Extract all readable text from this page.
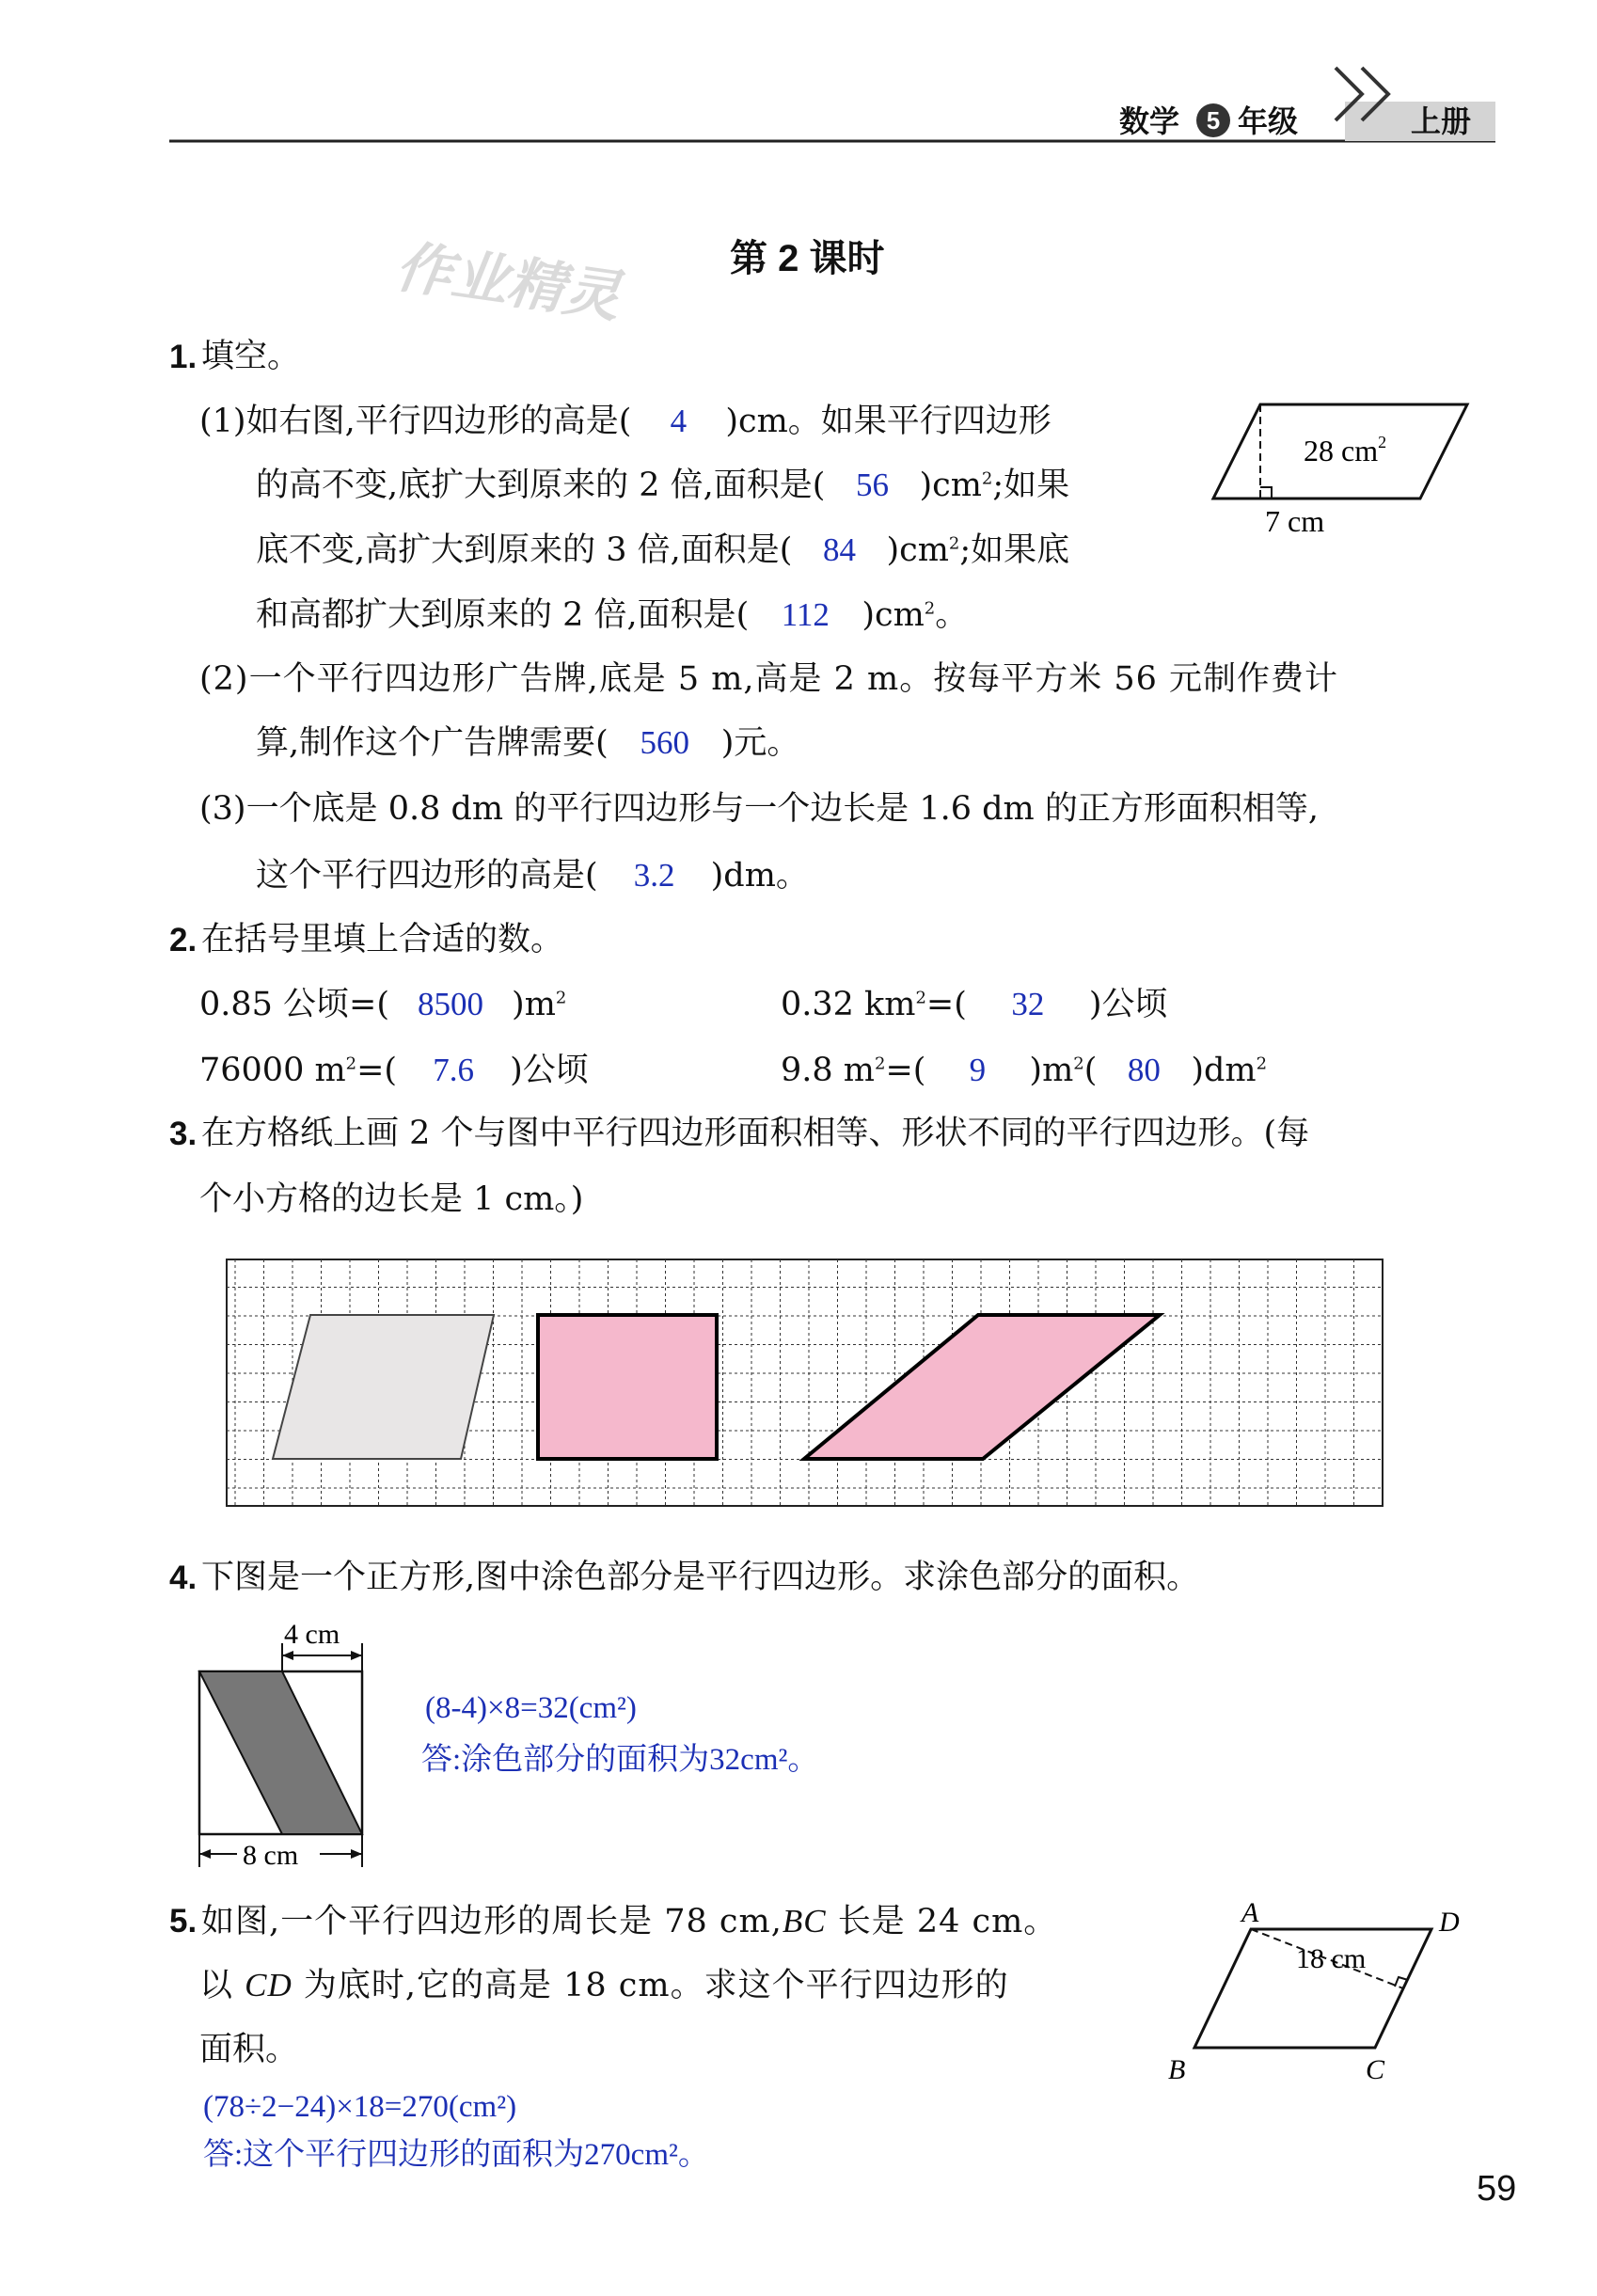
数学	5 年级	上册
作业精灵	第 2 课时
1. 填空。
(1)如右图,平行四边形的高是( 4 )cm。如果平行四边形
的高不变,底扩大到原来的 2 倍,面积是( 56 )$cm^2$;如果
底不变,高扩大到原来的 3 倍,面积是( 84 )$cm^2$;如果底
和高都扩大到原来的 2 倍,面积是( 112 )$cm^2$。
28 $cm^2$
7 cm
(2)一个平行四边形广告牌,底是 5 m,高是 2 m。按每平方米 56 元制作费计
算,制作这个广告牌需要( 560 )元。
(3)一个底是 0.8 dm 的平行四边形与一个边长是 1.6 dm 的正方形面积相等,
这个平行四边形的高是( 3.2 )dm。
2. 在括号里填上合适的数。
0.85 公顷=( 8500 )$m^2$	0.32 $km^2=$( 32 )公顷
76000 $m^2=$( 7.6 )公顷	9.8 $m^2=$( 9 )$m^2$( 80 )$dm^2$
3. 在方格纸上画 2 个与图中平行四边形面积相等、形状不同的平行四边形。(每
个小方格的边长是 1 cm。)
4. 下图是一个正方形,图中涂色部分是平行四边形。求涂色部分的面积。
4 cm
8 cm
(8-4)×8=32(cm²)
答:涂色部分的面积为32cm²。
5. 如图,一个平行四边形的周长是 78 cm,BC 长是 24 cm。
以 CD 为底时,它的高是 18 cm。求这个平行四边形的
面积。
A	D
B	C
18 cm
(78÷2−24)×18=270(cm²)
答:这个平行四边形的面积为270cm²。
59
